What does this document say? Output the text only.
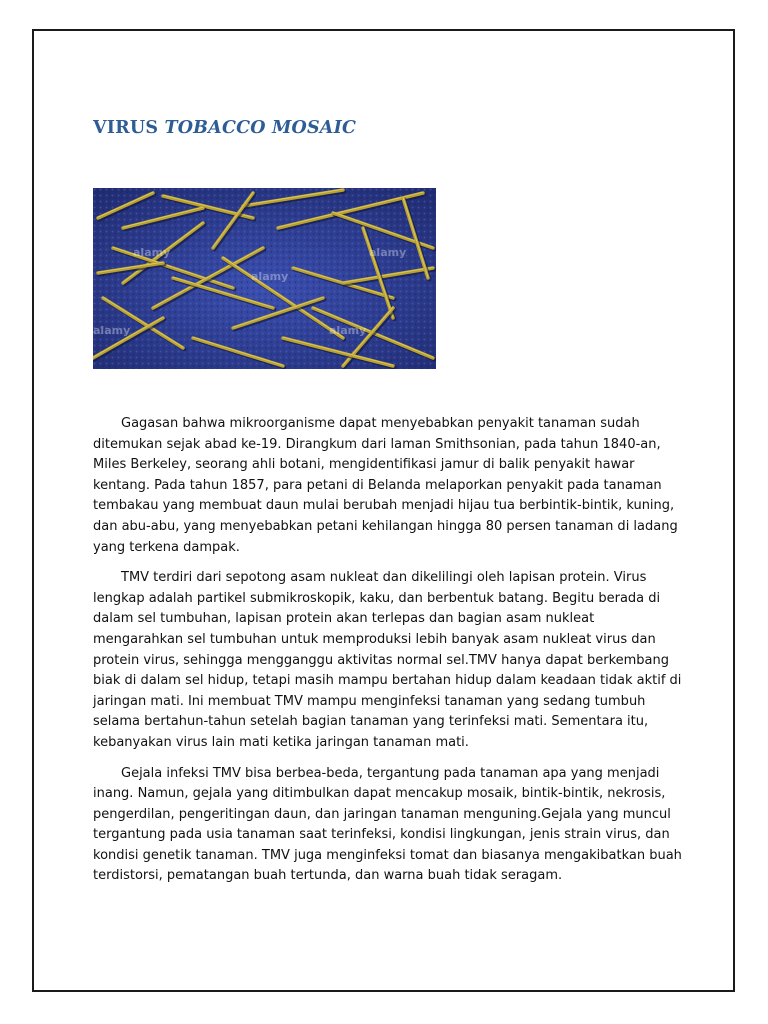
VIRUS TOBACCO MOSAIC
alamy
alamy
alamy
alamy	alamy

Gagasan bahwa mikroorganisme dapat menyebabkan penyakit tanaman sudah ditemukan sejak abad ke-19. Dirangkum dari laman Smithsonian, pada tahun 1840-an, Miles Berkeley, seorang ahli botani, mengidentifikasi jamur di balik penyakit hawar kentang. Pada tahun 1857, para petani di Belanda melaporkan penyakit pada tanaman tembakau yang membuat daun mulai berubah menjadi hijau tua berbintik-bintik, kuning, dan abu-abu, yang menyebabkan petani kehilangan hingga 80 persen tanaman di ladang yang terkena dampak.

TMV terdiri dari sepotong asam nukleat dan dikelilingi oleh lapisan protein. Virus lengkap adalah partikel submikroskopik, kaku, dan berbentuk batang. Begitu berada di dalam sel tumbuhan, lapisan protein akan terlepas dan bagian asam nukleat mengarahkan sel tumbuhan untuk memproduksi lebih banyak asam nukleat virus dan protein virus, sehingga mengganggu aktivitas normal sel.TMV hanya dapat berkembang biak di dalam sel hidup, tetapi masih mampu bertahan hidup dalam keadaan tidak aktif di jaringan mati. Ini membuat TMV mampu menginfeksi tanaman yang sedang tumbuh selama bertahun-tahun setelah bagian tanaman yang terinfeksi mati. Sementara itu, kebanyakan virus lain mati ketika jaringan tanaman mati.

Gejala infeksi TMV bisa berbea-beda, tergantung pada tanaman apa yang menjadi inang. Namun, gejala yang ditimbulkan dapat mencakup mosaik, bintik-bintik, nekrosis, pengerdilan, pengeritingan daun, dan jaringan tanaman menguning.Gejala yang muncul tergantung pada usia tanaman saat terinfeksi, kondisi lingkungan, jenis strain virus, dan kondisi genetik tanaman. TMV juga menginfeksi tomat dan biasanya mengakibatkan buah terdistorsi, pematangan buah tertunda, dan warna buah tidak seragam.
